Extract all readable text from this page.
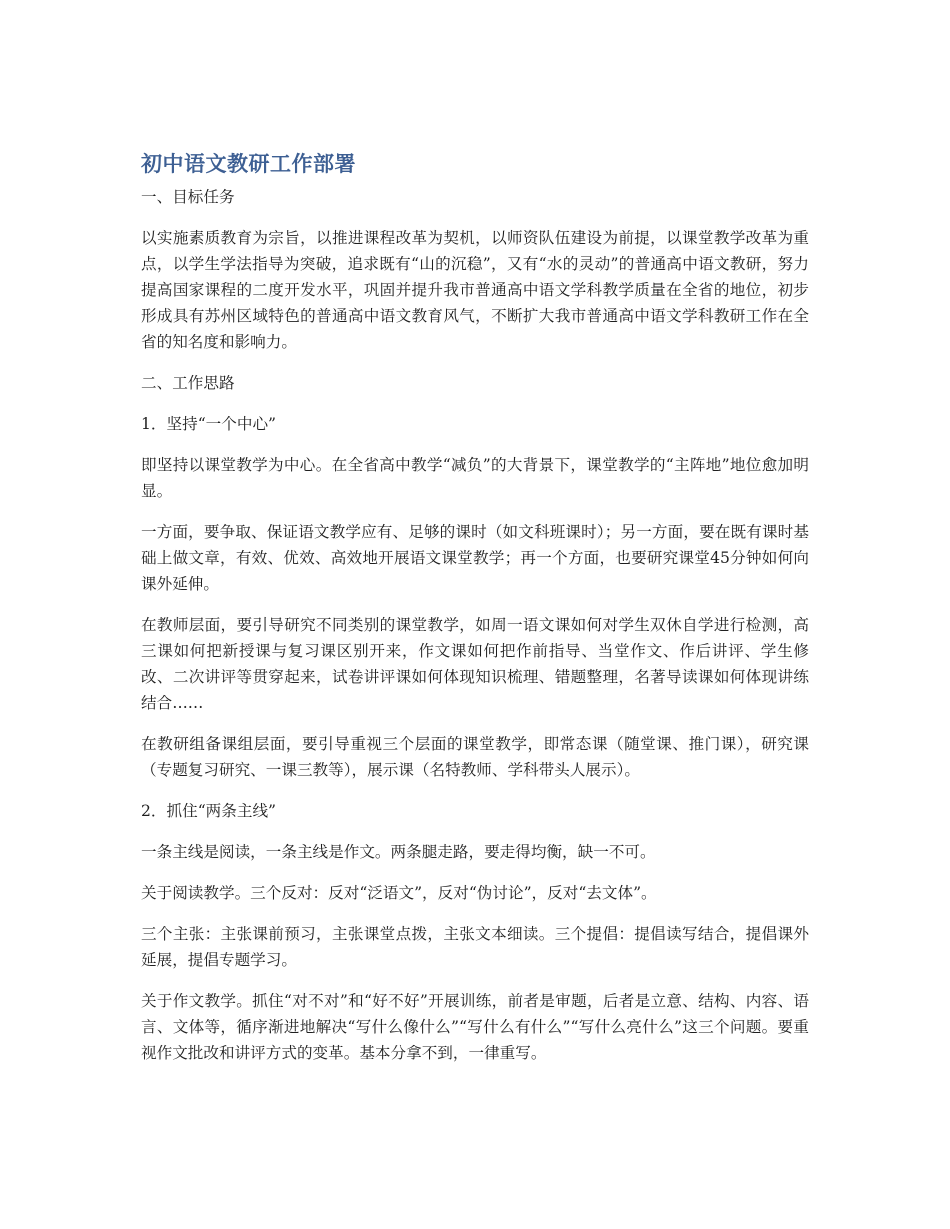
初中语文教研工作部署
一、目标任务

以实施素质教育为宗旨，以推进课程改革为契机，以师资队伍建设为前提，以课堂教学改革为重点，以学生学法指导为突破，追求既有“山的沉稳”，又有“水的灵动”的普通高中语文教研，努力提高国家课程的二度开发水平，巩固并提升我市普通高中语文学科教学质量在全省的地位，初步形成具有苏州区域特色的普通高中语文教育风气，不断扩大我市普通高中语文学科教研工作在全省的知名度和影响力。

二、工作思路
1．坚持“一个中心”

即坚持以课堂教学为中心。在全省高中教学“减负”的大背景下，课堂教学的“主阵地”地位愈加明显。

一方面，要争取、保证语文教学应有、足够的课时（如文科班课时）；另一方面，要在既有课时基础上做文章，有效、优效、高效地开展语文课堂教学；再一个方面，也要研究课堂45分钟如何向课外延伸。

在教师层面，要引导研究不同类别的课堂教学，如周一语文课如何对学生双休自学进行检测，高三课如何把新授课与复习课区别开来，作文课如何把作前指导、当堂作文、作后讲评、学生修改、二次讲评等贯穿起来，试卷讲评课如何体现知识梳理、错题整理，名著导读课如何体现讲练结合……

在教研组备课组层面，要引导重视三个层面的课堂教学，即常态课（随堂课、推门课），研究课（专题复习研究、一课三教等），展示课（名特教师、学科带头人展示）。

2．抓住“两条主线”

一条主线是阅读，一条主线是作文。两条腿走路，要走得均衡，缺一不可。

关于阅读教学。三个反对：反对“泛语文”，反对“伪讨论”，反对“去文体”。

三个主张：主张课前预习，主张课堂点拨，主张文本细读。三个提倡：提倡读写结合，提倡课外延展，提倡专题学习。

关于作文教学。抓住“对不对”和“好不好”开展训练，前者是审题，后者是立意、结构、内容、语言、文体等，循序渐进地解决“写什么像什么”“写什么有什么”“写什么亮什么”这三个问题。要重视作文批改和讲评方式的变革。基本分拿不到，一律重写。
